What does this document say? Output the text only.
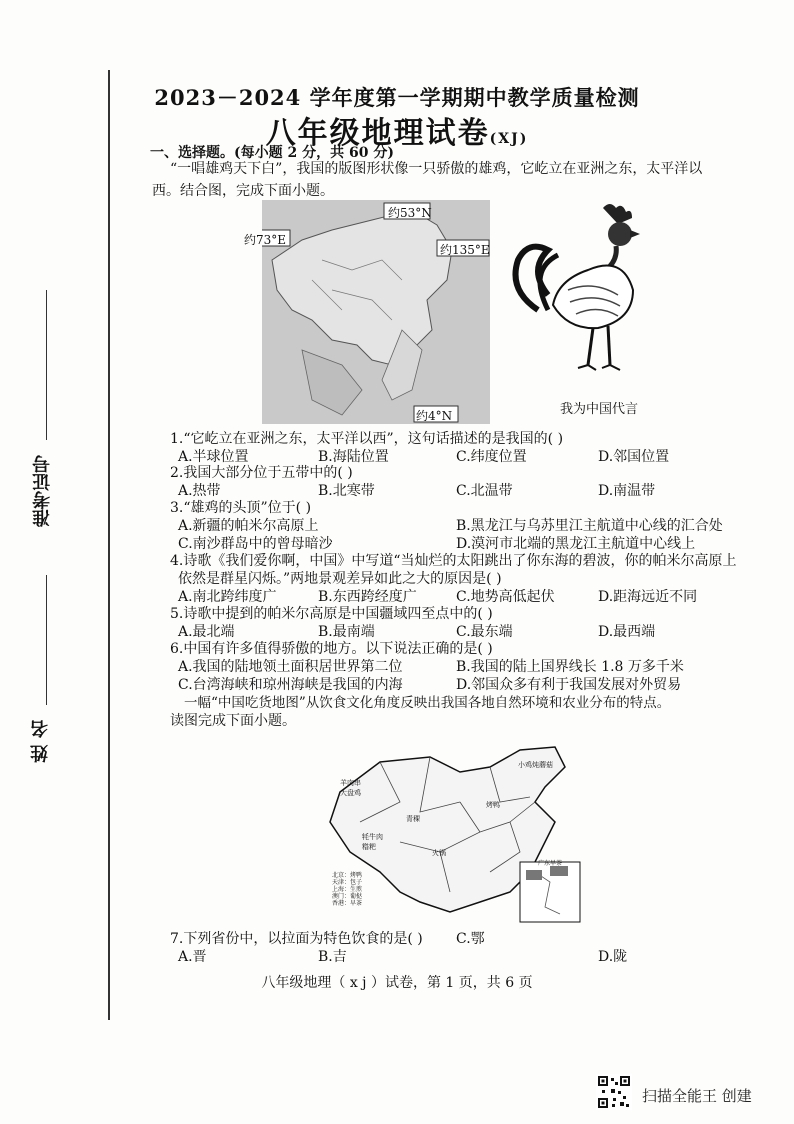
准考证号
姓 名
2023－2024 学年度第一学期期中教学质量检测
八年级地理试卷(XJ)
一、选择题。(每小题 2 分，共 60 分)
“一唱雄鸡天下白”，我国的版图形状像一只骄傲的雄鸡，它屹立在亚洲之东，太平洋以
西。结合图，完成下面小题。
约53°N
约73°E
约135°E
约4°N	我为中国代言
1.“它屹立在亚洲之东，太平洋以西”，这句话描述的是我国的( )
A.半球位置	B.海陆位置	C.纬度位置	D.邻国位置
2.我国大部分位于五带中的( )
A.热带	B.北寒带	C.北温带	D.南温带
3.“雄鸡的头顶”位于( )
A.新疆的帕米尔高原上	B.黑龙江与乌苏里江主航道中心线的汇合处
C.南沙群岛中的曾母暗沙	D.漠河市北端的黑龙江主航道中心线上
4.诗歌《我们爱你啊，中国》中写道“当灿烂的太阳跳出了你东海的碧波，你的帕米尔高原上
依然是群星闪烁。”两地景观差异如此之大的原因是( )
A.南北跨纬度广	B.东西跨经度广	C.地势高低起伏	D.距海远近不同
5.诗歌中提到的帕米尔高原是中国疆域四至点中的( )
A.最北端	B.最南端	C.最东端	D.最西端
6.中国有许多值得骄傲的地方。以下说法正确的是( )
A.我国的陆地领土面积居世界第二位	B.我国的陆上国界线长 1.8 万多千米
C.台湾海峡和琼州海峡是我国的内海	D.邻国众多有利于我国发展对外贸易
一幅“中国吃货地图”从饮食文化角度反映出我国各地自然环境和农业分布的特点。
读图完成下面小题。
羊肉串
大盘鸡
青稞
牦牛肉
糌粑
火锅
小鸡炖蘑菇
烤鸭
北京：烤鸭
天津：包子
上海：生煎
澳门：葡挞
香港：早茶
广东早茶
7.下列省份中，以拉面为特色饮食的是( )
A.晋	B.吉
C.鄂
D.陇
八年级地理（ x j ）试卷，第 1 页，共 6 页
扫描全能王 创建
